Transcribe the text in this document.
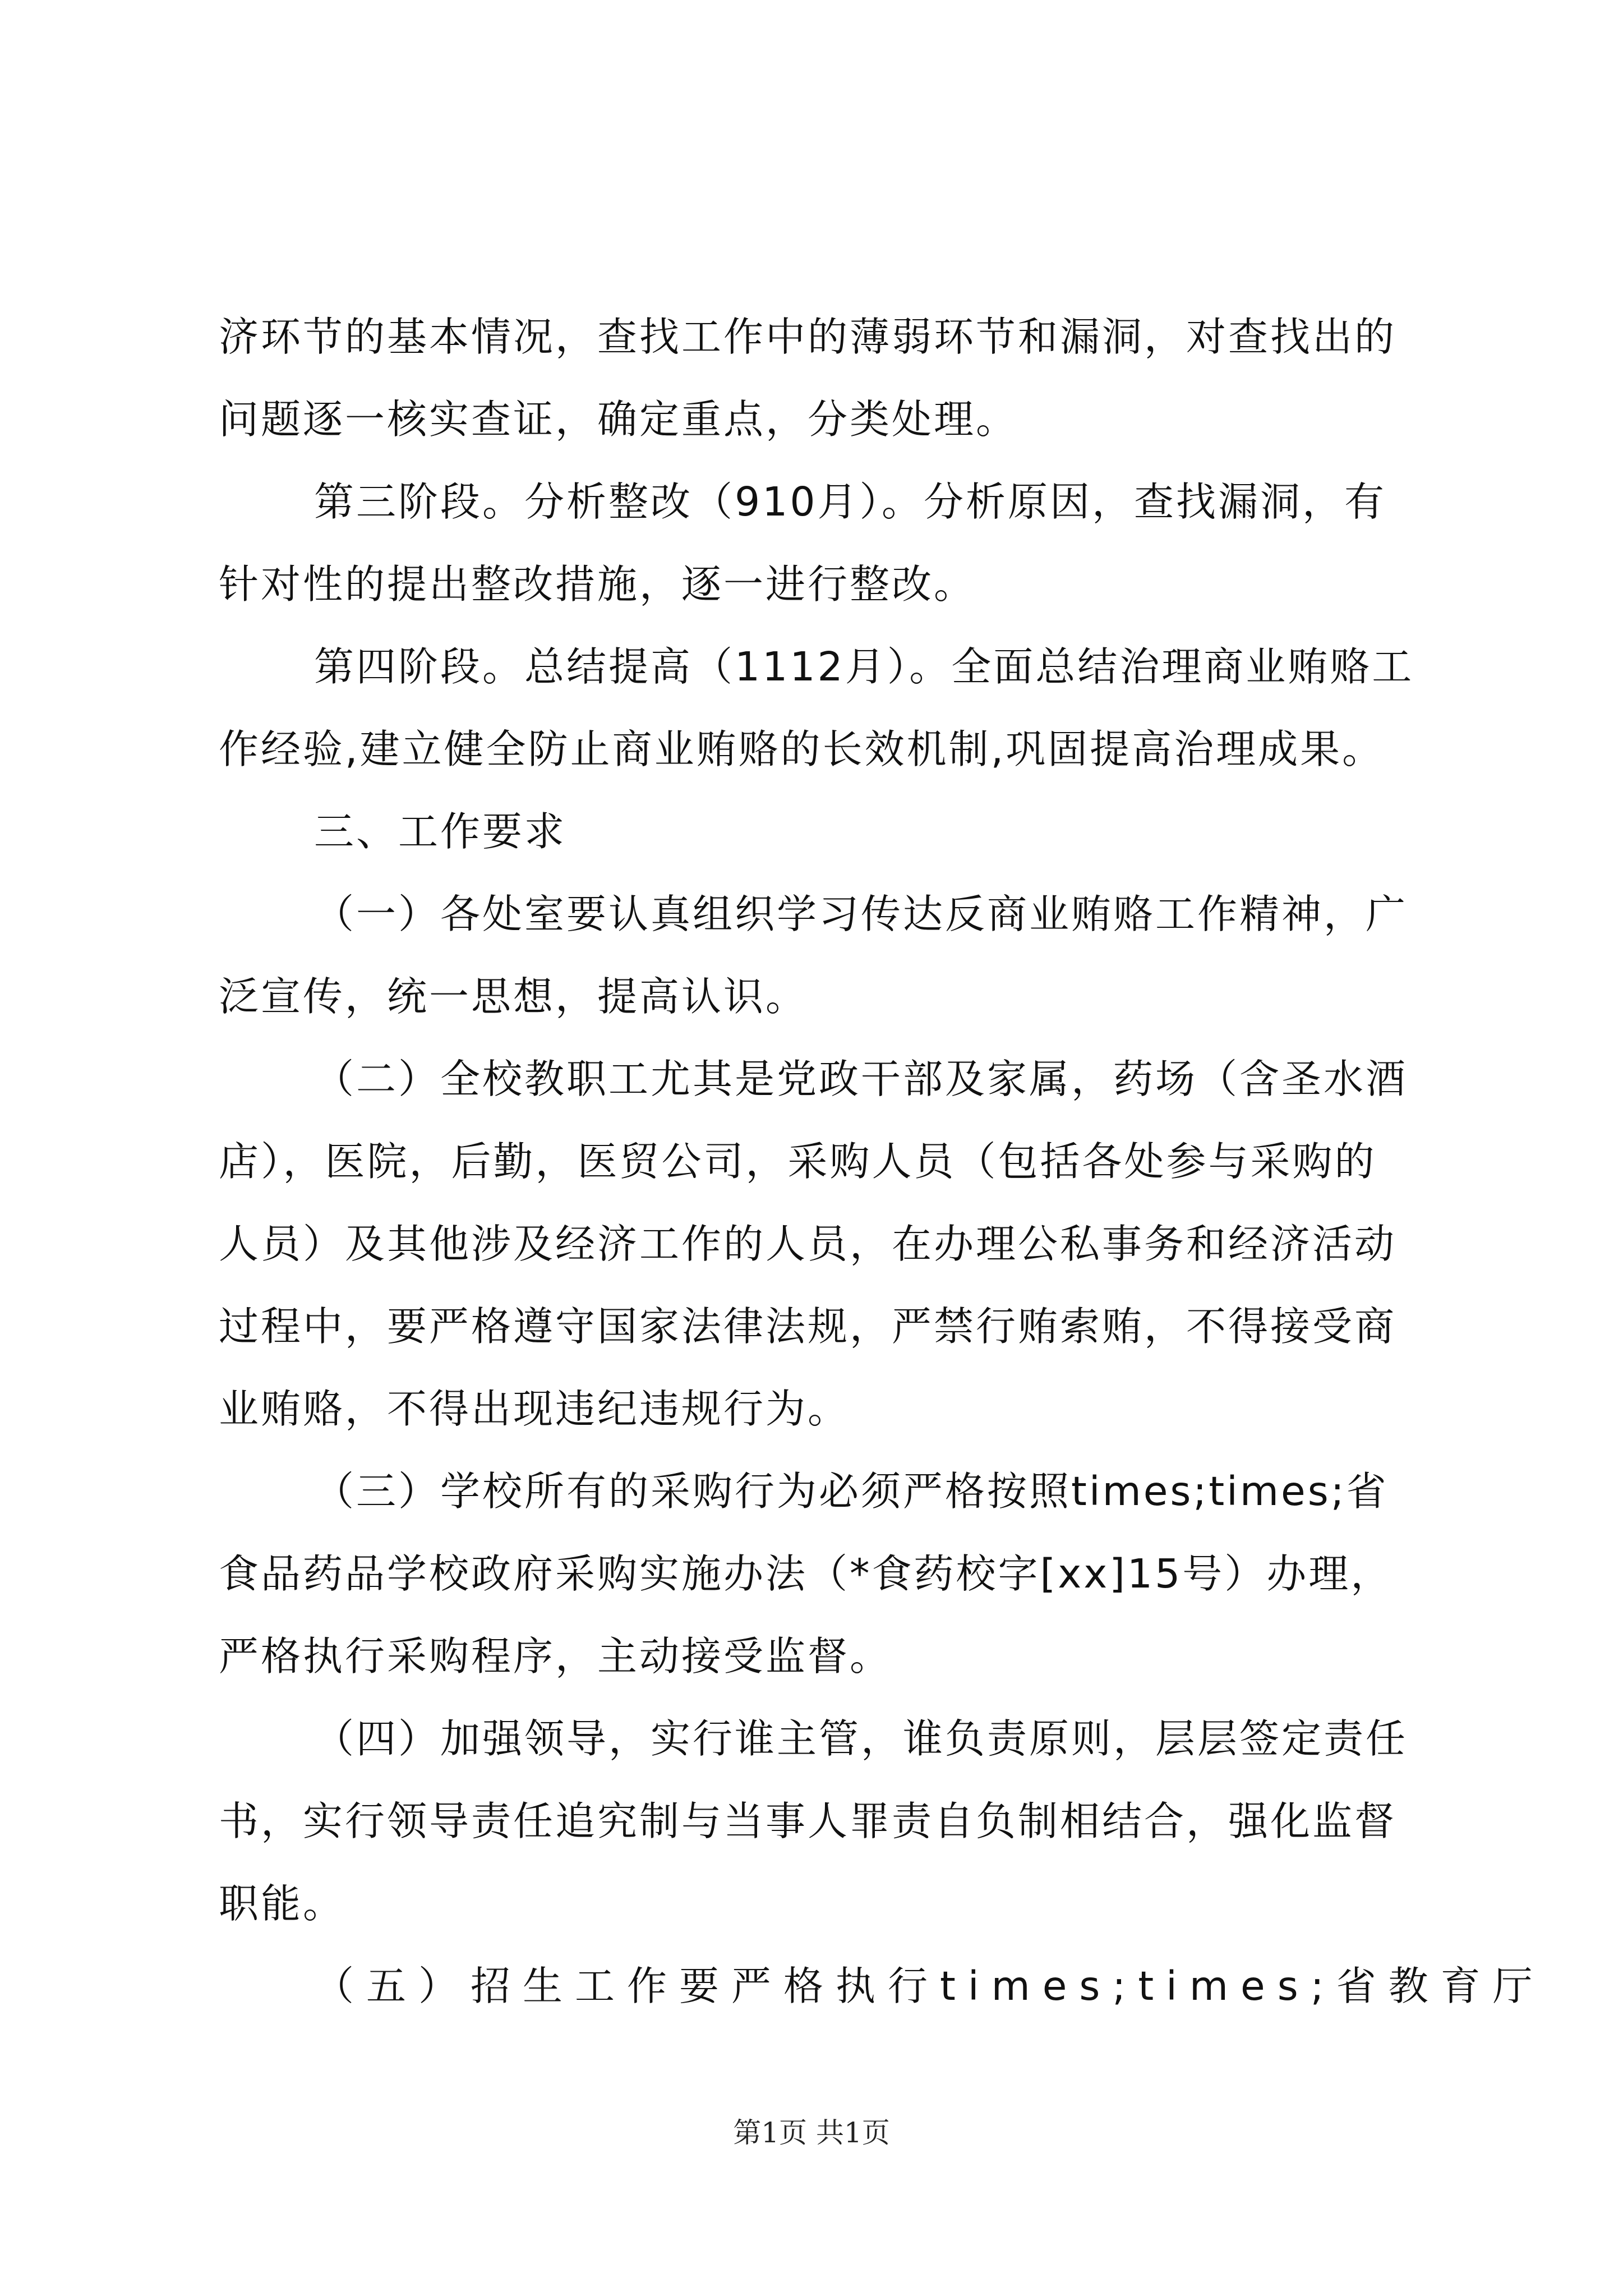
济环节的基本情况，查找工作中的薄弱环节和漏洞，对查找出的
问题逐一核实查证，确定重点，分类处理。
第三阶段。分析整改（910月）。分析原因，查找漏洞，有
针对性的提出整改措施，逐一进行整改。
第四阶段。总结提高（1112月）。全面总结治理商业贿赂工
作经验,建立健全防止商业贿赂的长效机制,巩固提高治理成果。
三、工作要求
（一）各处室要认真组织学习传达反商业贿赂工作精神，广
泛宣传，统一思想，提高认识。
（二）全校教职工尤其是党政干部及家属，药场（含圣水酒
店），医院，后勤，医贸公司，采购人员（包括各处参与采购的
人员）及其他涉及经济工作的人员，在办理公私事务和经济活动
过程中，要严格遵守国家法律法规，严禁行贿索贿，不得接受商
业贿赂，不得出现违纪违规行为。
（三）学校所有的采购行为必须严格按照times;times;省
食品药品学校政府采购实施办法（*食药校字[xx]15号）办理，
严格执行采购程序，主动接受监督。
（四）加强领导，实行谁主管，谁负责原则，层层签定责任
书，实行领导责任追究制与当事人罪责自负制相结合，强化监督
职能。
（五）招生工作要严格执行times;times;省教育厅
第1页 共1页
